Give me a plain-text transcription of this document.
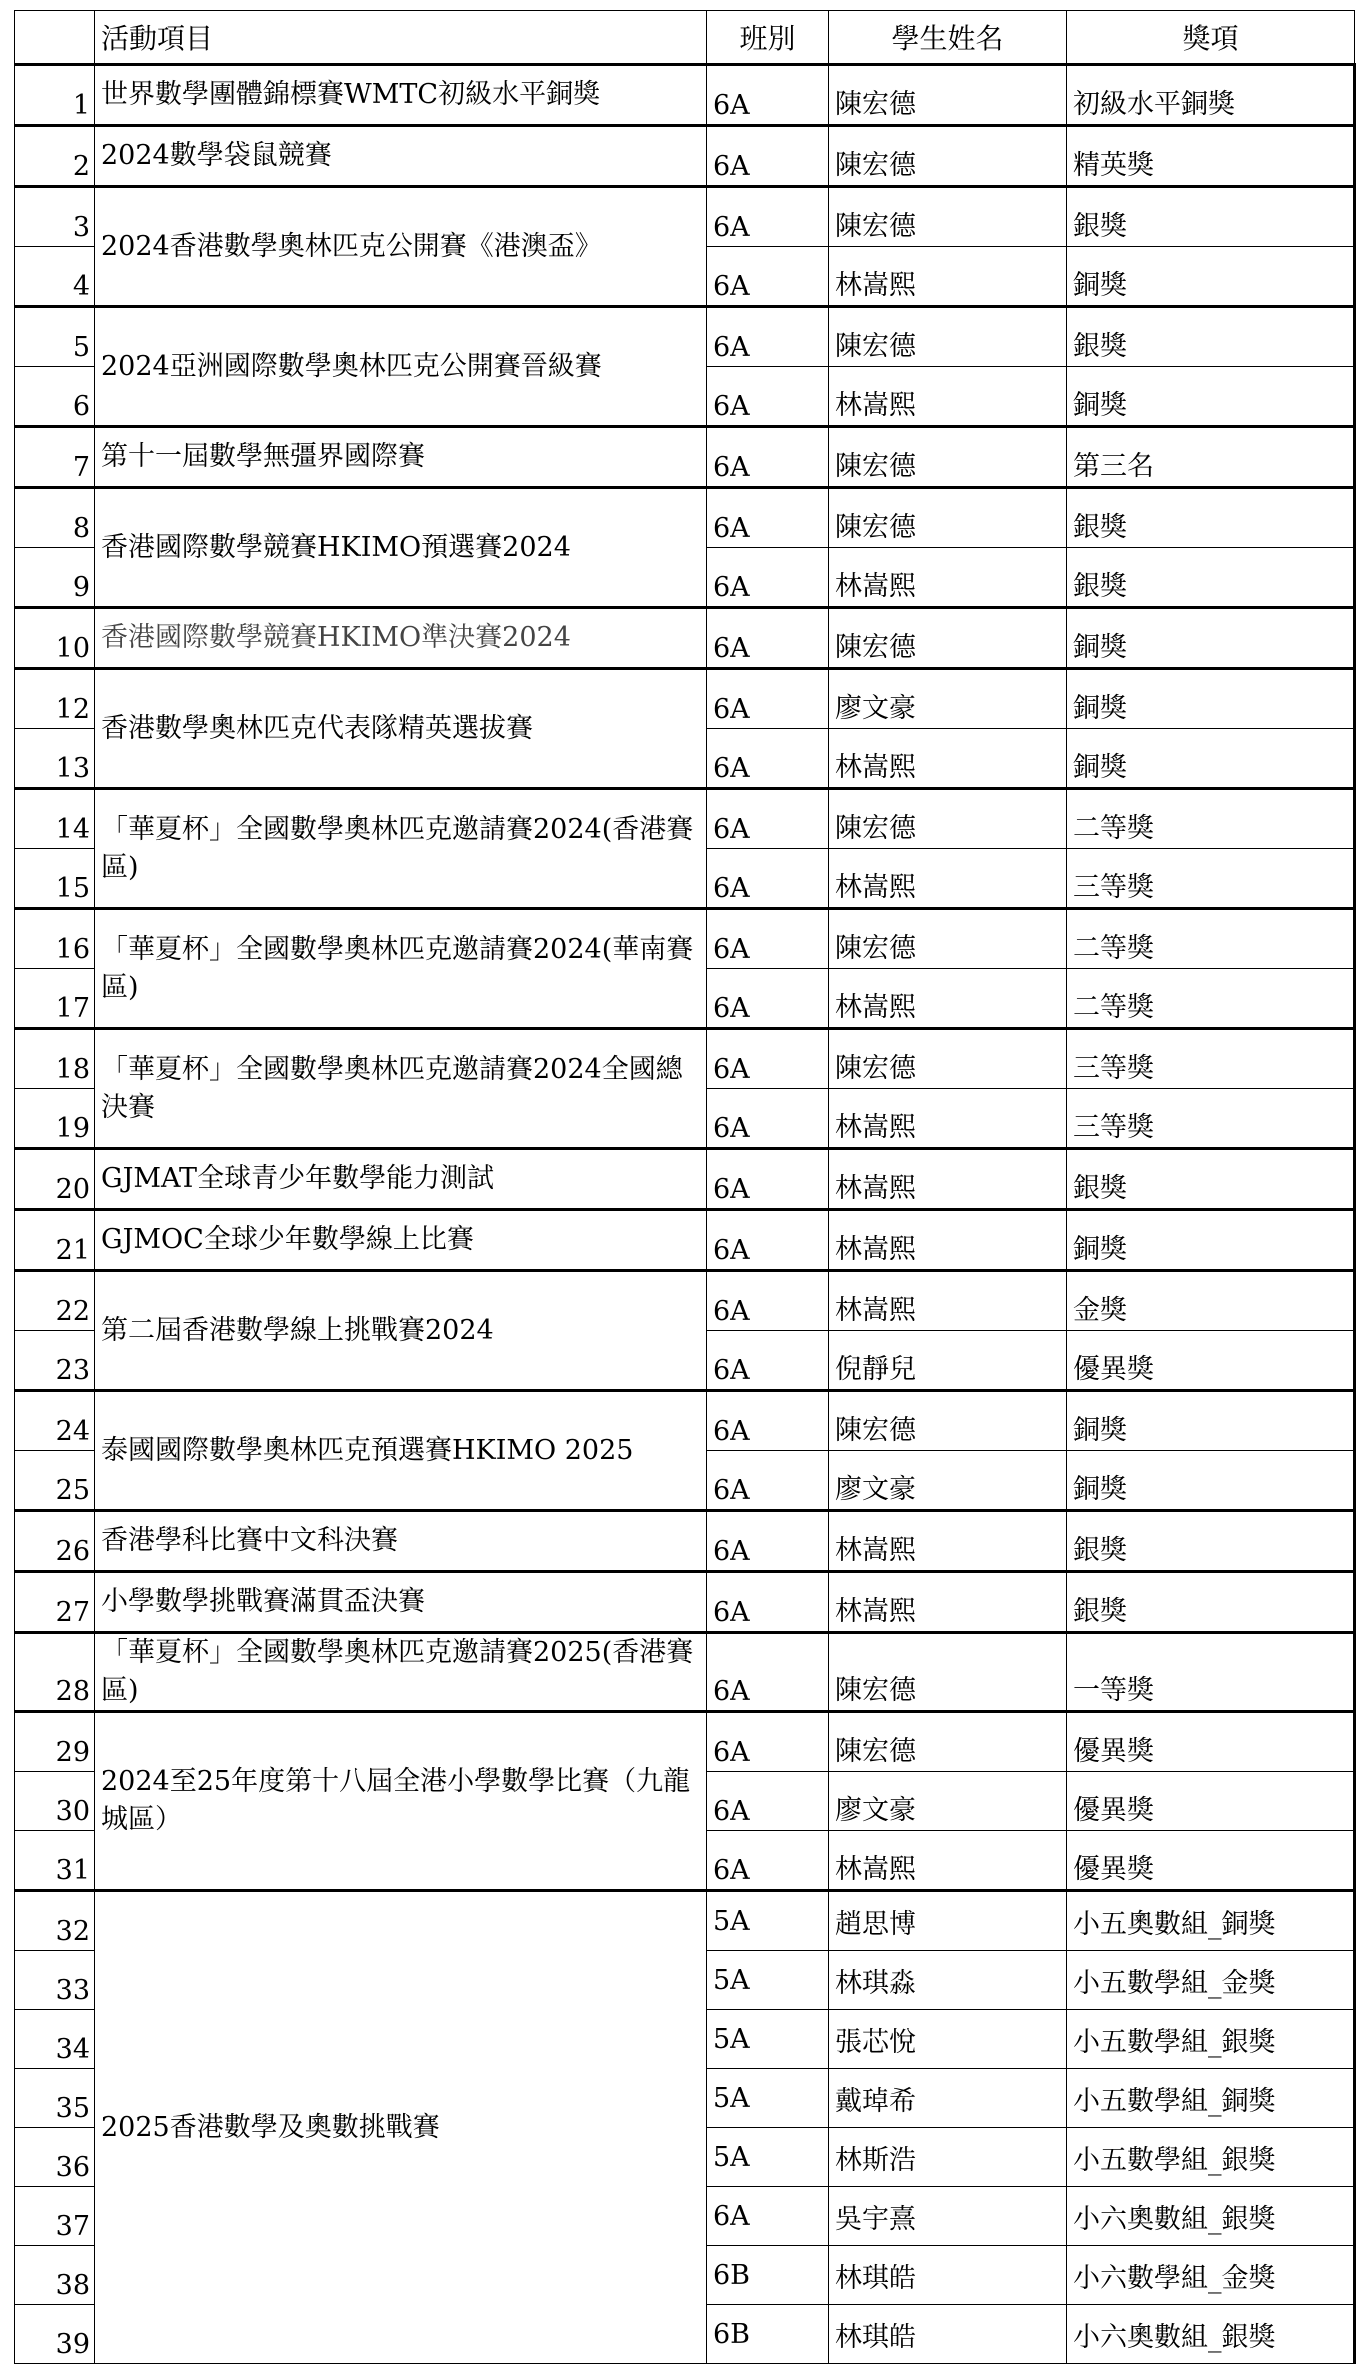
	活動項目	班別	學生姓名	獎項
1	世界數學團體錦標賽WMTC初級水平銅獎	6A	陳宏德	初級水平銅獎
2	2024數學袋鼠競賽	6A	陳宏德	精英獎
3	2024香港數學奧林匹克公開賽《港澳盃》	6A	陳宏德	銀獎
4		6A	林嵩熙	銅獎
5	2024亞洲國際數學奧林匹克公開賽晉級賽	6A	陳宏德	銀獎
6		6A	林嵩熙	銅獎
7	第十一屆數學無彊界國際賽	6A	陳宏德	第三名
8	香港國際數學競賽HKIMO預選賽2024	6A	陳宏德	銀獎
9		6A	林嵩熙	銀獎
10	香港國際數學競賽HKIMO準決賽2024	6A	陳宏德	銅獎
12	香港數學奧林匹克代表隊精英選拔賽	6A	廖文豪	銅獎
13		6A	林嵩熙	銅獎
14	「華夏杯」全國數學奧林匹克邀請賽2024(香港賽區)	6A	陳宏德	二等獎
15		6A	林嵩熙	三等獎
16	「華夏杯」全國數學奧林匹克邀請賽2024(華南賽區)	6A	陳宏德	二等獎
17		6A	林嵩熙	二等獎
18	「華夏杯」全國數學奧林匹克邀請賽2024全國總決賽	6A	陳宏德	三等獎
19		6A	林嵩熙	三等獎
20	GJMAT全球青少年數學能力測試	6A	林嵩熙	銀獎
21	GJMOC全球少年數學線上比賽	6A	林嵩熙	銅獎
22	第二屆香港數學線上挑戰賽2024	6A	林嵩熙	金獎
23		6A	倪靜兒	優異獎
24	泰國國際數學奧林匹克預選賽HKIMO 2025	6A	陳宏德	銅獎
25		6A	廖文豪	銅獎
26	香港學科比賽中文科決賽	6A	林嵩熙	銀獎
27	小學數學挑戰賽滿貫盃決賽	6A	林嵩熙	銀獎
28	「華夏杯」全國數學奧林匹克邀請賽2025(香港賽區)	6A	陳宏德	一等獎
29	2024至25年度第十八屆全港小學數學比賽（九龍城區）	6A	陳宏德	優異獎
30		6A	廖文豪	優異獎
31		6A	林嵩熙	優異獎
32	2025香港數學及奧數挑戰賽	5A	趙思博	小五奧數組_銅獎
33		5A	林琪淼	小五數學組_金獎
34		5A	張芯悅	小五數學組_銀獎
35		5A	戴琸希	小五數學組_銅獎
36		5A	林斯浩	小五數學組_銀獎
37		6A	吳宇熹	小六奧數組_銀獎
38		6B	林琪皓	小六數學組_金獎
39		6B	林琪皓	小六奧數組_銀獎
